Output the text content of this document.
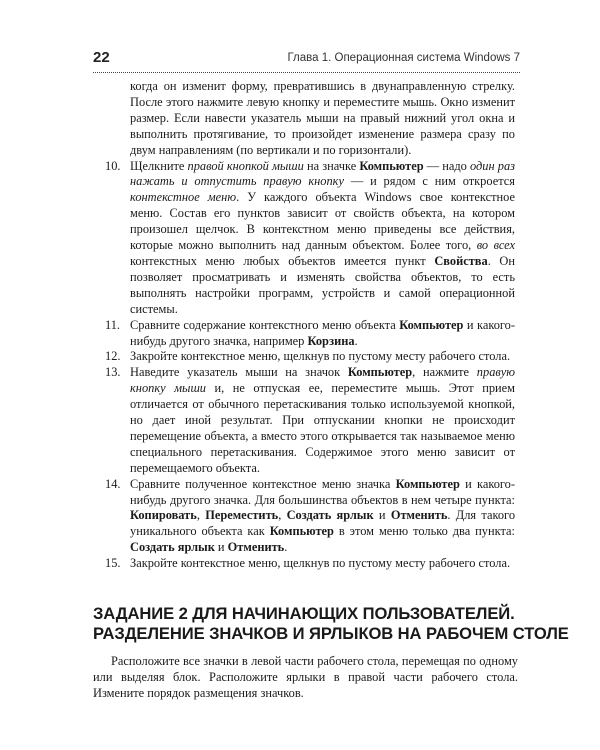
22	Глава 1. Операционная система Windows 7
когда он изменит форму, превратившись в двунаправленную стрелку. После этого нажмите левую кнопку и переместите мышь. Окно изменит размер. Если навести указатель мыши на правый нижний угол окна и выполнить протягивание, то произойдет изменение размера сразу по двум направлениям (по вертикали и по горизонтали).
10. Щелкните правой кнопкой мыши на значке Компьютер — надо один раз нажать и отпустить правую кнопку — и рядом с ним откроется контекстное меню. У каждого объекта Windows свое контекстное меню. Состав его пунктов зависит от свойств объекта, на котором произошел щелчок. В контекстном меню приведены все действия, которые можно выполнить над данным объектом. Более того, во всех контекстных меню любых объектов имеется пункт Свойства. Он позволяет просматривать и изменять свойства объектов, то есть выполнять настройки программ, устройств и самой операционной системы.
11. Сравните содержание контекстного меню объекта Компьютер и какого-нибудь другого значка, например Корзина.
12. Закройте контекстное меню, щелкнув по пустому месту рабочего стола.
13. Наведите указатель мыши на значок Компьютер, нажмите правую кнопку мыши и, не отпуская ее, переместите мышь. Этот прием отличается от обычного перетаскивания только используемой кнопкой, но дает иной результат. При отпускании кнопки не происходит перемещение объекта, а вместо этого открывается так называемое меню специального перетаскивания. Содержимое этого меню зависит от перемещаемого объекта.
14. Сравните полученное контекстное меню значка Компьютер и какого-нибудь другого значка. Для большинства объектов в нем четыре пункта: Копировать, Переместить, Создать ярлык и Отменить. Для такого уникального объекта как Компьютер в этом меню только два пункта: Создать ярлык и Отменить.
15. Закройте контекстное меню, щелкнув по пустому месту рабочего стола.
ЗАДАНИЕ 2 ДЛЯ НАЧИНАЮЩИХ ПОЛЬЗОВАТЕЛЕЙ.
РАЗДЕЛЕНИЕ ЗНАЧКОВ И ЯРЛЫКОВ НА РАБОЧЕМ СТОЛЕ
Расположите все значки в левой части рабочего стола, перемещая по одному или выделяя блок. Расположите ярлыки в правой части рабочего стола. Измените порядок размещения значков.
